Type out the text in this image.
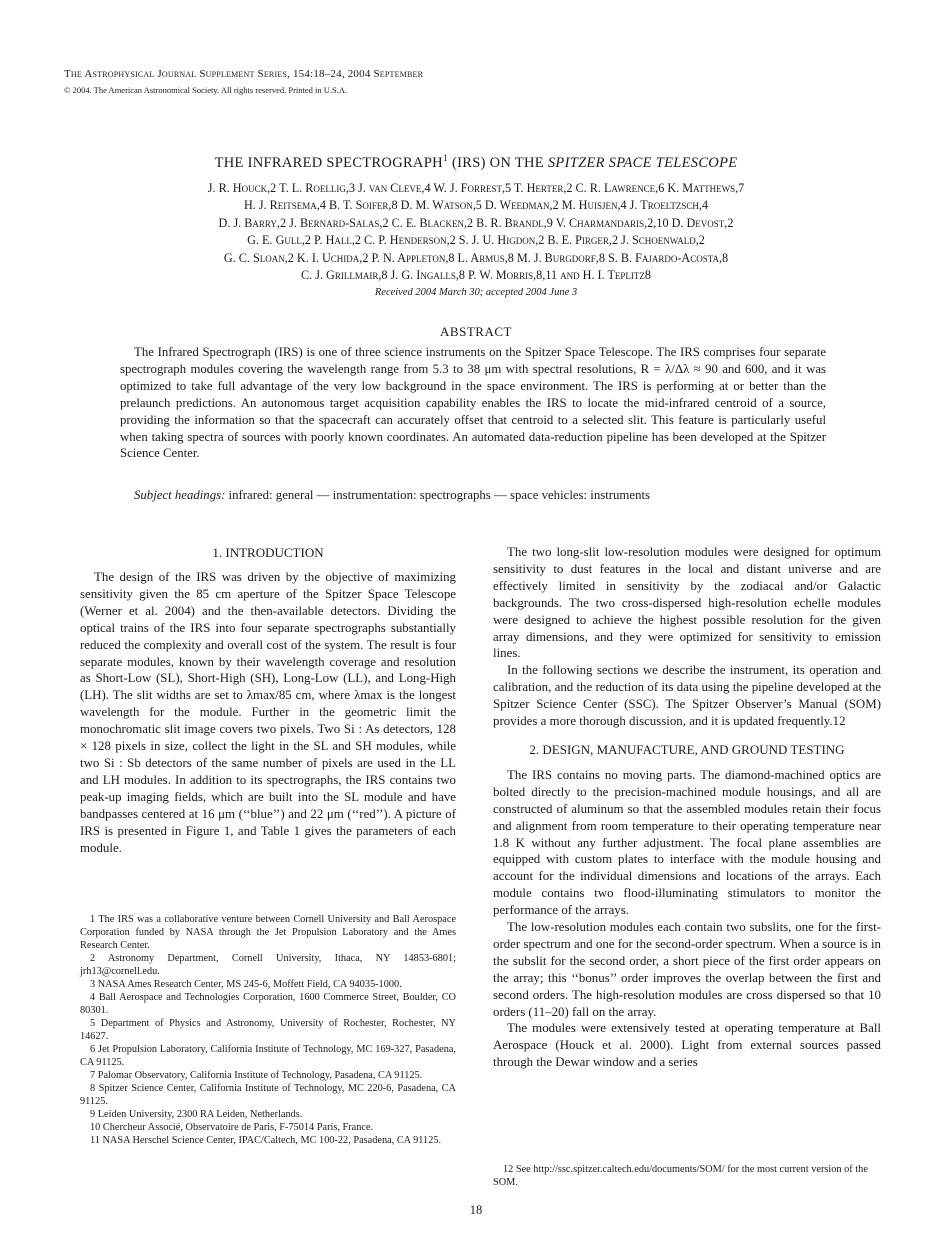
The Astrophysical Journal Supplement Series, 154:18–24, 2004 September
© 2004. The American Astronomical Society. All rights reserved. Printed in U.S.A.
THE INFRARED SPECTROGRAPH$^1$ (IRS) ON THE SPITZER SPACE TELESCOPE
J. R. Houck,2 T. L. Roellig,3 J. van Cleve,4 W. J. Forrest,5 T. Herter,2 C. R. Lawrence,6 K. Matthews,7
H. J. Reitsema,4 B. T. Soifer,8 D. M. Watson,5 D. Weedman,2 M. Huisjen,4 J. Troeltzsch,4
D. J. Barry,2 J. Bernard-Salas,2 C. E. Blacken,2 B. R. Brandl,9 V. Charmandaris,2,10 D. Devost,2
G. E. Gull,2 P. Hall,2 C. P. Henderson,2 S. J. U. Higdon,2 B. E. Pirger,2 J. Schoenwald,2
G. C. Sloan,2 K. I. Uchida,2 P. N. Appleton,8 L. Armus,8 M. J. Burgdorf,8 S. B. Fajardo-Acosta,8
C. J. Grillmair,8 J. G. Ingalls,8 P. W. Morris,8,11 and H. I. Teplitz8
Received 2004 March 30; accepted 2004 June 3
ABSTRACT
The Infrared Spectrograph (IRS) is one of three science instruments on the Spitzer Space Telescope. The IRS comprises four separate spectrograph modules covering the wavelength range from 5.3 to 38 μm with spectral resolutions, R = λ/Δλ ≈ 90 and 600, and it was optimized to take full advantage of the very low background in the space environment. The IRS is performing at or better than the prelaunch predictions. An autonomous target acquisition capability enables the IRS to locate the mid-infrared centroid of a source, providing the information so that the spacecraft can accurately offset that centroid to a selected slit. This feature is particularly useful when taking spectra of sources with poorly known coordinates. An automated data-reduction pipeline has been developed at the Spitzer Science Center.
Subject headings: infrared: general — instrumentation: spectrographs — space vehicles: instruments
1. INTRODUCTION

The design of the IRS was driven by the objective of maximizing sensitivity given the 85 cm aperture of the Spitzer Space Telescope (Werner et al. 2004) and the then-available detectors. Dividing the optical trains of the IRS into four separate spectrographs substantially reduced the complexity and overall cost of the system. The result is four separate modules, known by their wavelength coverage and resolution as Short-Low (SL), Short-High (SH), Long-Low (LL), and Long-High (LH). The slit widths are set to λmax/85 cm, where λmax is the longest wavelength for the module. Further in the geometric limit the monochromatic slit image covers two pixels. Two Si : As detectors, 128 × 128 pixels in size, collect the light in the SL and SH modules, while two Si : Sb detectors of the same number of pixels are used in the LL and LH modules. In addition to its spectrographs, the IRS contains two peak-up imaging fields, which are built into the SL module and have bandpasses centered at 16 μm (‘‘blue’’) and 22 μm (‘‘red’’). A picture of IRS is presented in Figure 1, and Table 1 gives the parameters of each module.

1 The IRS was a collaborative venture between Cornell University and Ball Aerospace Corporation funded by NASA through the Jet Propulsion Laboratory and the Ames Research Center.

2 Astronomy Department, Cornell University, Ithaca, NY 14853-6801; jrh13@cornell.edu.

3 NASA Ames Research Center, MS 245-6, Moffett Field, CA 94035-1000.

4 Ball Aerospace and Technologies Corporation, 1600 Commerce Street, Boulder, CO 80301.

5 Department of Physics and Astronomy, University of Rochester, Rochester, NY 14627.

6 Jet Propulsion Laboratory, California Institute of Technology, MC 169-327, Pasadena, CA 91125.

7 Palomar Observatory, California Institute of Technology, Pasadena, CA 91125.

8 Spitzer Science Center, California Institute of Technology, MC 220-6, Pasadena, CA 91125.

9 Leiden University, 2300 RA Leiden, Netherlands.

10 Chercheur Associé, Observatoire de Paris, F-75014 Paris, France.

11 NASA Herschel Science Center, IPAC/Caltech, MC 100-22, Pasadena, CA 91125.

The two long-slit low-resolution modules were designed for optimum sensitivity to dust features in the local and distant universe and are effectively limited in sensitivity by the zodiacal and/or Galactic backgrounds. The two cross-dispersed high-resolution echelle modules were designed to achieve the highest possible resolution for the given array dimensions, and they were optimized for sensitivity to emission lines.

In the following sections we describe the instrument, its operation and calibration, and the reduction of its data using the pipeline developed at the Spitzer Science Center (SSC). The Spitzer Observer’s Manual (SOM) provides a more thorough discussion, and it is updated frequently.12

2. DESIGN, MANUFACTURE, AND GROUND TESTING

The IRS contains no moving parts. The diamond-machined optics are bolted directly to the precision-machined module housings, and all are constructed of aluminum so that the assembled modules retain their focus and alignment from room temperature to their operating temperature near 1.8 K without any further adjustment. The focal plane assemblies are equipped with custom plates to interface with the module housing and account for the individual dimensions and locations of the arrays. Each module contains two flood-illuminating stimulators to monitor the performance of the arrays.

The low-resolution modules each contain two subslits, one for the first-order spectrum and one for the second-order spectrum. When a source is in the subslit for the second order, a short piece of the first order appears on the array; this ‘‘bonus’’ order improves the overlap between the first and second orders. The high-resolution modules are cross dispersed so that 10 orders (11–20) fall on the array.

The modules were extensively tested at operating temperature at Ball Aerospace (Houck et al. 2000). Light from external sources passed through the Dewar window and a series

12 See http://ssc.spitzer.caltech.edu/documents/SOM/ for the most current version of the SOM.

18
